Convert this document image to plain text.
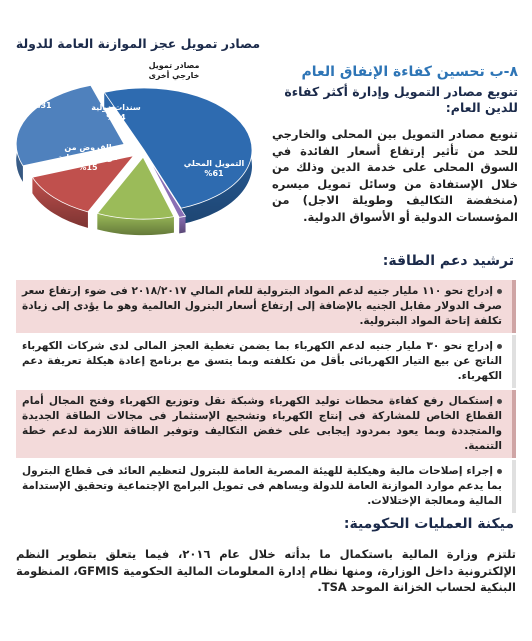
مصادر تمويل عجز الموازنة العامة للدولة
التمويل المحلي %61
مصادر تمويل خارجي أخرى
سندات دولية %14
القروض من مؤسسات دولية %15
مصادر تمويل خارجي %31
٨-ب تحسين كفاءة الإنفاق العام
تنويع مصادر التمويل وإدارة أكثر كفاءة للدين العام:
تنويع مصادر التمويل بين المحلى والخارجي للحد من تأثير إرتفاع أسعار الفائدة في السوق المحلى على خدمة الدين وذلك من خلال الإستفادة من وسائل تمويل ميسره (منخفضة التكاليف وطويلة الاجل) من المؤسسات الدولية أو الأسواق الدولية.
ترشيد دعم الطاقة:
إدراج نحو ١١٠ مليار جنيه لدعم المواد البترولية للعام المالي ٢٠١٨/٢٠١٧ فى ضوء إرتفاع سعر صرف الدولار مقابل الجنيه بالإضافة إلى إرتفاع أسعار البترول العالمية وهو ما يؤدى إلى زيادة تكلفة إتاحة المواد البترولية.
إدراج نحو ٣٠ مليار جنيه لدعم الكهرباء بما يضمن تغطية العجز المالى لدى شركات الكهرباء الناتج عن بيع التيار الكهربائى بأقل من تكلفته وبما يتسق مع برنامج إعادة هيكلة تعريفة دعم الكهرباء.
إستكمال رفع كفاءة محطات توليد الكهرباء وشبكة نقل وتوزيع الكهرباء وفتح المجال أمام القطاع الخاص للمشاركة فى إنتاج الكهرباء وتشجيع الإستثمار فى مجالات الطاقة الجديدة والمتجددة وبما يعود بمردود إيجابى على خفض التكاليف وتوفير الطاقة اللازمة لدعم خطة التنمية.
إجراء إصلاحات مالية وهيكلية للهيئة المصرية العامة للبترول لتعظيم العائد فى قطاع البترول بما يدعم موارد الموازنة العامة للدولة ويساهم فى تمويل البرامج الإجتماعية وتحقيق الإستدامة المالية ومعالجة الإختلالات.
ميكنة العمليات الحكومية:
تلتزم وزارة المالية باستكمال ما بدأته خلال عام ٢٠١٦، فيما يتعلق بتطوير النظم الإلكترونية داخل الوزارة، ومنها نظام إدارة المعلومات المالية الحكومية GFMIS، المنظومة البنكية لحساب الخزانة الموحد TSA.
